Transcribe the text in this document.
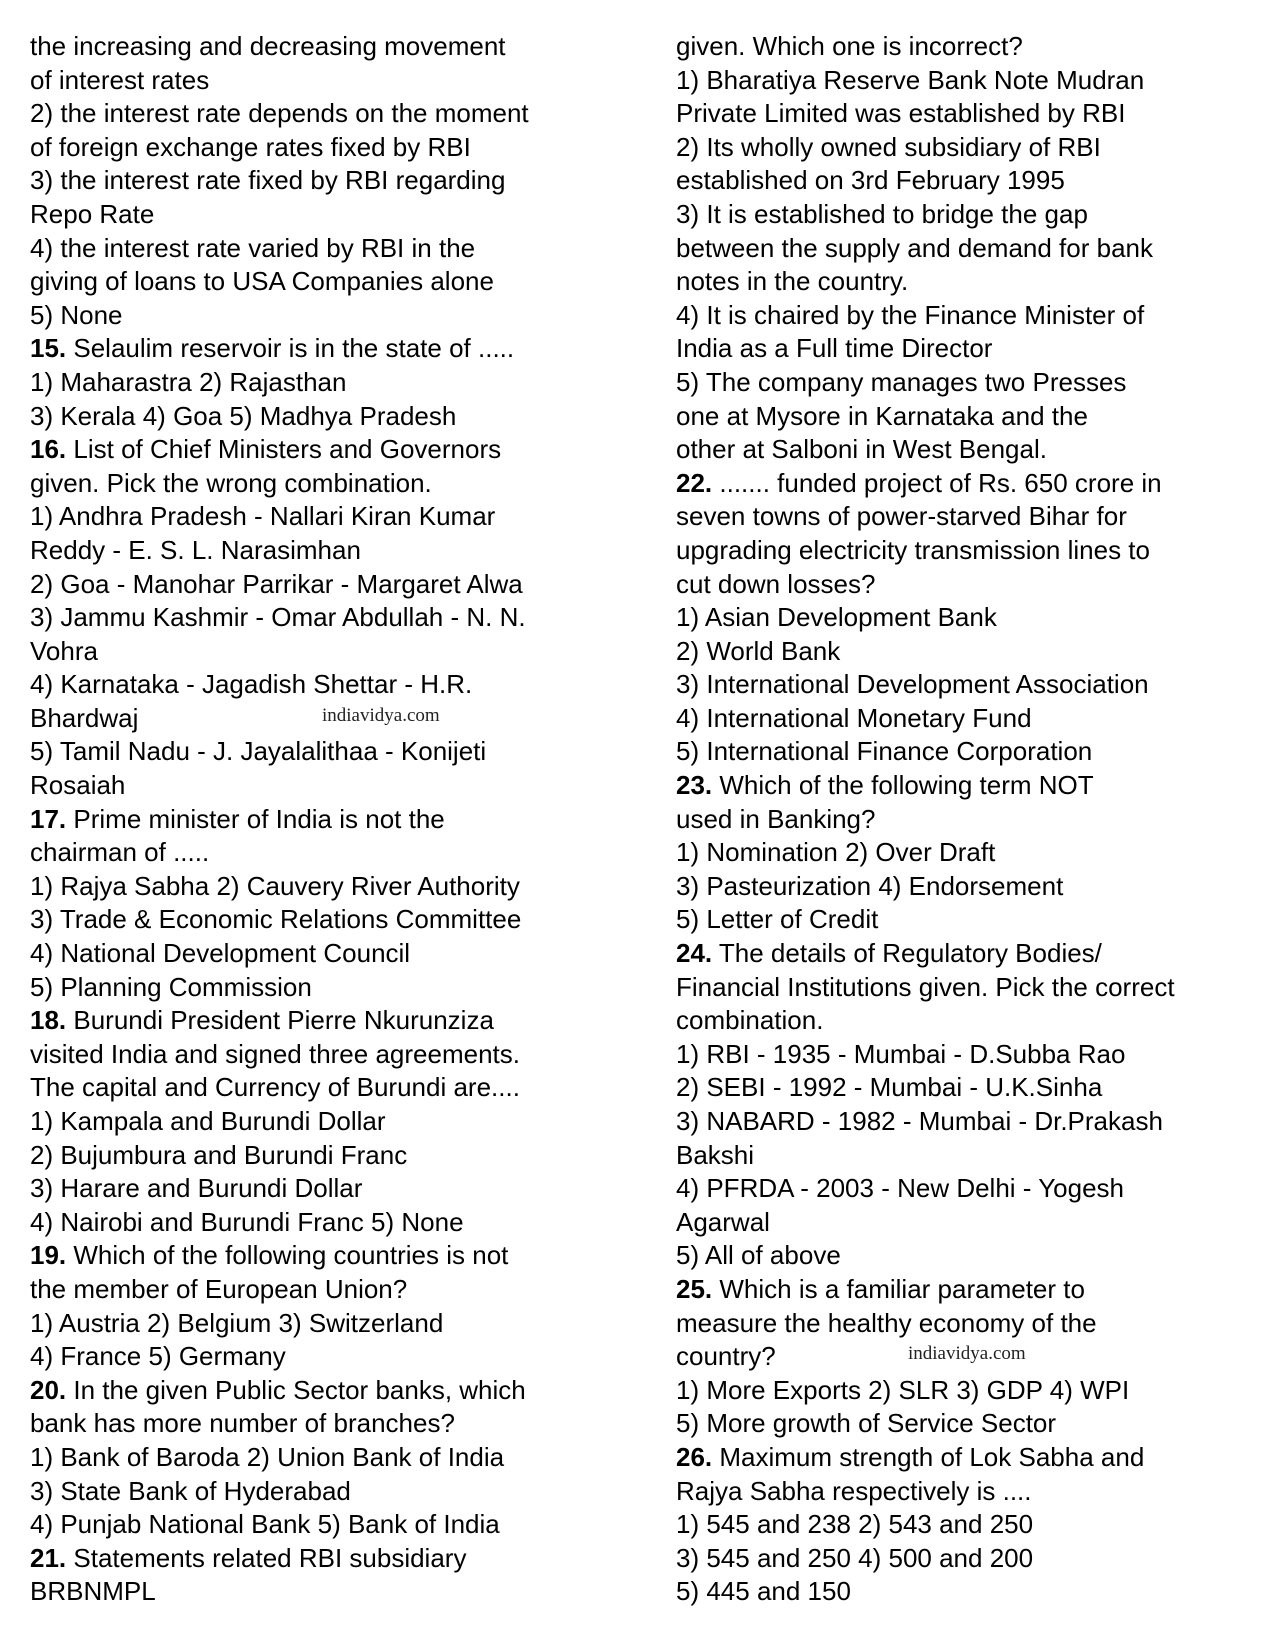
the increasing and decreasing movement
of interest rates
2) the interest rate depends on the moment
of foreign exchange rates fixed by RBI
3) the interest rate fixed by RBI regarding
Repo Rate
4) the interest rate varied by RBI in the
giving of loans to USA Companies alone
5) None
15. Selaulim reservoir is in the state of .....
1) Maharastra 2) Rajasthan
3) Kerala 4) Goa 5) Madhya Pradesh
16. List of Chief Ministers and Governors
given. Pick the wrong combination.
1) Andhra Pradesh - Nallari Kiran Kumar
Reddy - E. S. L. Narasimhan
2) Goa - Manohar Parrikar - Margaret Alwa
3) Jammu Kashmir - Omar Abdullah - N. N.
Vohra
4) Karnataka - Jagadish Shettar - H.R.
Bhardwaj
5) Tamil Nadu - J. Jayalalithaa - Konijeti
Rosaiah
17. Prime minister of India is not the
chairman of .....
1) Rajya Sabha 2) Cauvery River Authority
3) Trade & Economic Relations Committee
4) National Development Council
5) Planning Commission
18. Burundi President Pierre Nkurunziza
visited India and signed three agreements.
The capital and Currency of Burundi are....
1) Kampala and Burundi Dollar
2) Bujumbura and Burundi Franc
3) Harare and Burundi Dollar
4) Nairobi and Burundi Franc 5) None
19. Which of the following countries is not
the member of European Union?
1) Austria 2) Belgium 3) Switzerland
4) France 5) Germany
20. In the given Public Sector banks, which
bank has more number of branches?
1) Bank of Baroda 2) Union Bank of India
3) State Bank of Hyderabad
4) Punjab National Bank 5) Bank of India
21. Statements related RBI subsidiary
BRBNMPL
given. Which one is incorrect?
1) Bharatiya Reserve Bank Note Mudran
Private Limited was established by RBI
2) Its wholly owned subsidiary of RBI
established on 3rd February 1995
3) It is established to bridge the gap
between the supply and demand for bank
notes in the country.
4) It is chaired by the Finance Minister of
India as a Full time Director
5) The company manages two Presses
one at Mysore in Karnataka and the
other at Salboni in West Bengal.
22. ....... funded project of Rs. 650 crore in
seven towns of power-starved Bihar for
upgrading electricity transmission lines to
cut down losses?
1) Asian Development Bank
2) World Bank
3) International Development Association
4) International Monetary Fund
5) International Finance Corporation
23. Which of the following term NOT
used in Banking?
1) Nomination 2) Over Draft
3) Pasteurization 4) Endorsement
5) Letter of Credit
24. The details of Regulatory Bodies/
Financial Institutions given. Pick the correct
combination.
1) RBI - 1935 - Mumbai - D.Subba Rao
2) SEBI - 1992 - Mumbai - U.K.Sinha
3) NABARD - 1982 - Mumbai - Dr.Prakash
Bakshi
4) PFRDA - 2003 - New Delhi - Yogesh
Agarwal
5) All of above
25. Which is a familiar parameter to
measure the healthy economy of the
country?
1) More Exports 2) SLR 3) GDP 4) WPI
5) More growth of Service Sector
26. Maximum strength of Lok Sabha and
Rajya Sabha respectively is ....
1) 545 and 238 2) 543 and 250
3) 545 and 250 4) 500 and 200
5) 445 and 150
indiavidya.com
indiavidya.com
